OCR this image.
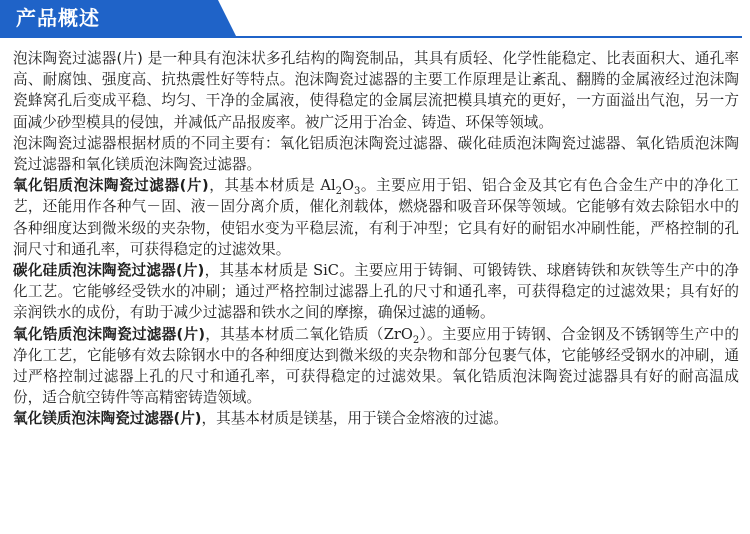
产品概述

泡沫陶瓷过滤器(片) 是一种具有泡沫状多孔结构的陶瓷制品，其具有质轻、化学性能稳定、比表面积大、通孔率高、耐腐蚀、强度高、抗热震性好等特点。泡沫陶瓷过滤器的主要工作原理是让紊乱、翻腾的金属液经过泡沫陶瓷蜂窝孔后变成平稳、均匀、干净的金属液，使得稳定的金属层流把模具填充的更好，一方面溢出气泡，另一方面减少砂型模具的侵蚀，并减低产品报废率。被广泛用于冶金、铸造、环保等领域。

泡沫陶瓷过滤器根据材质的不同主要有：氧化铝质泡沫陶瓷过滤器、碳化硅质泡沫陶瓷过滤器、氧化锆质泡沫陶瓷过滤器和氧化镁质泡沫陶瓷过滤器。

氧化铝质泡沫陶瓷过滤器(片)，其基本材质是 $Al_2O_3$。主要应用于铝、铝合金及其它有色合金生产中的净化工艺，还能用作各种气－固、液－固分离介质，催化剂载体，燃烧器和吸音环保等领域。它能够有效去除铝水中的各种细度达到微米级的夹杂物，使铝水变为平稳层流，有利于冲型；它具有好的耐铝水冲刷性能，严格控制的孔洞尺寸和通孔率，可获得稳定的过滤效果。

碳化硅质泡沫陶瓷过滤器(片)，其基本材质是 SiC。主要应用于铸铜、可锻铸铁、球磨铸铁和灰铁等生产中的净化工艺。它能够经受铁水的冲刷；通过严格控制过滤器上孔的尺寸和通孔率，可获得稳定的过滤效果；具有好的亲润铁水的成份，有助于减少过滤器和铁水之间的摩擦，确保过滤的通畅。

氧化锆质泡沫陶瓷过滤器(片)，其基本材质二氧化锆质（ZrO$_2$）。主要应用于铸钢、合金钢及不锈钢等生产中的净化工艺，它能够有效去除钢水中的各种细度达到微米级的夹杂物和部分包裹气体，它能够经受钢水的冲刷，通过严格控制过滤器上孔的尺寸和通孔率，可获得稳定的过滤效果。氧化锆质泡沫陶瓷过滤器具有好的耐高温成份，适合航空铸件等高精密铸造领域。

氧化镁质泡沫陶瓷过滤器(片)，其基本材质是镁基，用于镁合金熔液的过滤。
